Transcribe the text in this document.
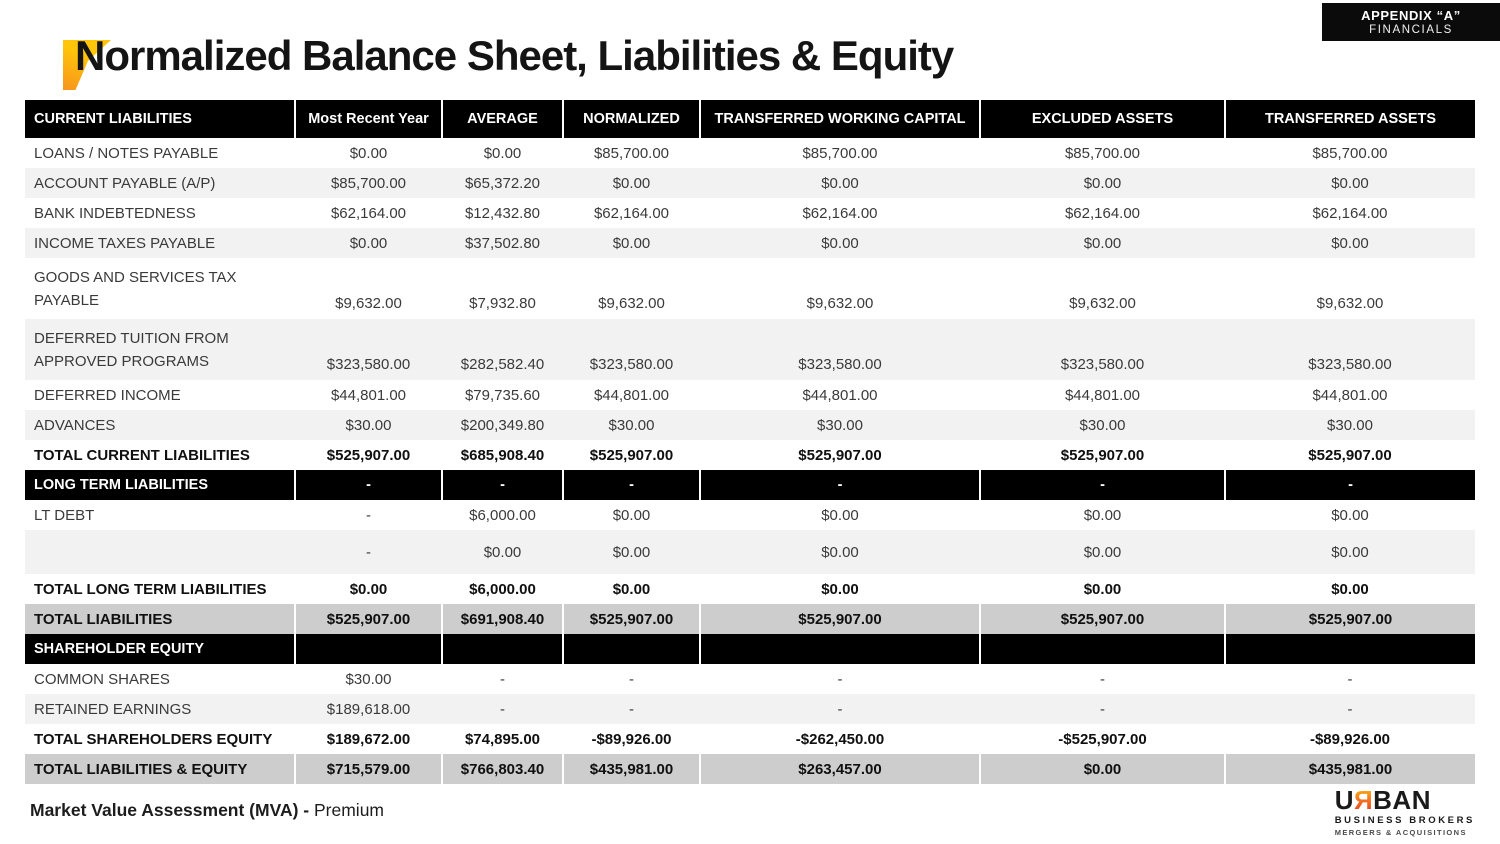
APPENDIX “A”
FINANCIALS
Normalized Balance Sheet, Liabilities & Equity
CURRENT LIABILITIES	Most Recent Year	AVERAGE	NORMALIZED	TRANSFERRED WORKING CAPITAL	EXCLUDED ASSETS	TRANSFERRED ASSETS
LOANS / NOTES PAYABLE	$0.00	$0.00	$85,700.00	$85,700.00	$85,700.00	$85,700.00
ACCOUNT PAYABLE (A/P)	$85,700.00	$65,372.20	$0.00	$0.00	$0.00	$0.00
BANK INDEBTEDNESS	$62,164.00	$12,432.80	$62,164.00	$62,164.00	$62,164.00	$62,164.00
INCOME TAXES PAYABLE	$0.00	$37,502.80	$0.00	$0.00	$0.00	$0.00
GOODS AND SERVICES TAX PAYABLE	$9,632.00	$7,932.80	$9,632.00	$9,632.00	$9,632.00	$9,632.00
DEFERRED TUITION FROM APPROVED PROGRAMS	$323,580.00	$282,582.40	$323,580.00	$323,580.00	$323,580.00	$323,580.00
DEFERRED INCOME	$44,801.00	$79,735.60	$44,801.00	$44,801.00	$44,801.00	$44,801.00
ADVANCES	$30.00	$200,349.80	$30.00	$30.00	$30.00	$30.00
TOTAL CURRENT LIABILITIES	$525,907.00	$685,908.40	$525,907.00	$525,907.00	$525,907.00	$525,907.00
LONG TERM LIABILITIES	-	-	-	-	-	-
LT DEBT	-	$6,000.00	$0.00	$0.00	$0.00	$0.00
	-	$0.00	$0.00	$0.00	$0.00	$0.00
TOTAL LONG TERM LIABILITIES	$0.00	$6,000.00	$0.00	$0.00	$0.00	$0.00
TOTAL LIABILITIES	$525,907.00	$691,908.40	$525,907.00	$525,907.00	$525,907.00	$525,907.00
SHAREHOLDER EQUITY						
COMMON SHARES	$30.00	-	-	-	-	-
RETAINED EARNINGS	$189,618.00	-	-	-	-	-
TOTAL SHAREHOLDERS EQUITY	$189,672.00	$74,895.00	-$89,926.00	-$262,450.00	-$525,907.00	-$89,926.00
TOTAL LIABILITIES & EQUITY	$715,579.00	$766,803.40	$435,981.00	$263,457.00	$0.00	$435,981.00
Market Value Assessment (MVA) - Premium	UЯBAN
BUSINESS BROKERS
MERGERS & ACQUISITIONS
